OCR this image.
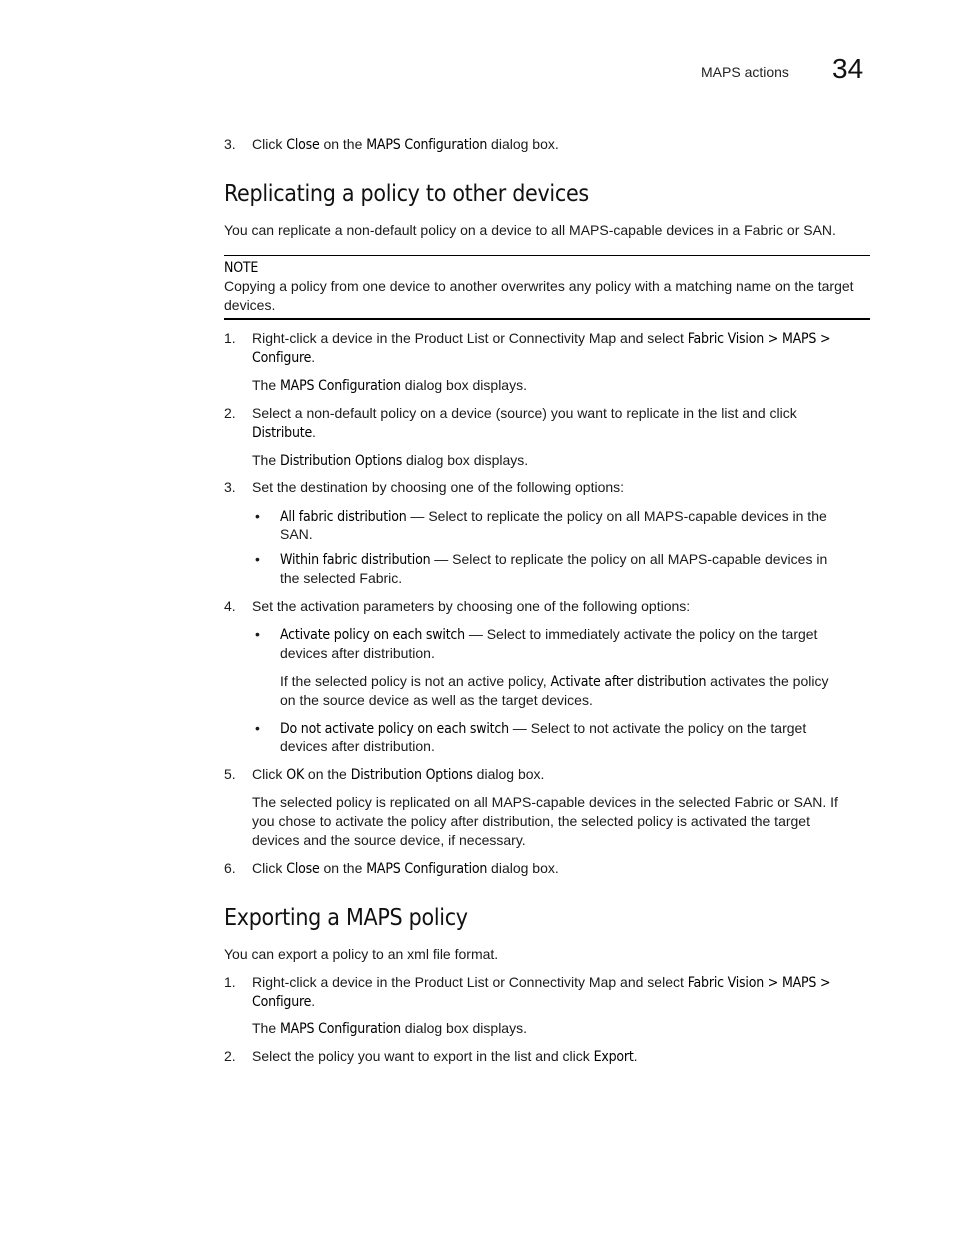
MAPS actions 34
3.	Click Close on the MAPS Configuration dialog box.
Replicating a policy to other devices
You can replicate a non-default policy on a device to all MAPS-capable devices in a Fabric or SAN.
NOTE
Copying a policy from one device to another overwrites any policy with a matching name on the target
devices.
1.	Right-click a device in the Product List or Connectivity Map and select Fabric Vision > MAPS >
Configure.
The MAPS Configuration dialog box displays.
2.	Select a non-default policy on a device (source) you want to replicate in the list and click
Distribute.
The Distribution Options dialog box displays.
3.	Set the destination by choosing one of the following options:
• All fabric distribution — Select to replicate the policy on all MAPS-capable devices in the
SAN.
• Within fabric distribution — Select to replicate the policy on all MAPS-capable devices in
the selected Fabric.
4.	Set the activation parameters by choosing one of the following options:
• Activate policy on each switch — Select to immediately activate the policy on the target
devices after distribution.
If the selected policy is not an active policy, Activate after distribution activates the policy
on the source device as well as the target devices.
• Do not activate policy on each switch — Select to not activate the policy on the target
devices after distribution.
5.	Click OK on the Distribution Options dialog box.
The selected policy is replicated on all MAPS-capable devices in the selected Fabric or SAN. If
you chose to activate the policy after distribution, the selected policy is activated the target
devices and the source device, if necessary.
6.	Click Close on the MAPS Configuration dialog box.
Exporting a MAPS policy
You can export a policy to an xml file format.
1.	Right-click a device in the Product List or Connectivity Map and select Fabric Vision > MAPS >
Configure.
The MAPS Configuration dialog box displays.
2.	Select the policy you want to export in the list and click Export.
